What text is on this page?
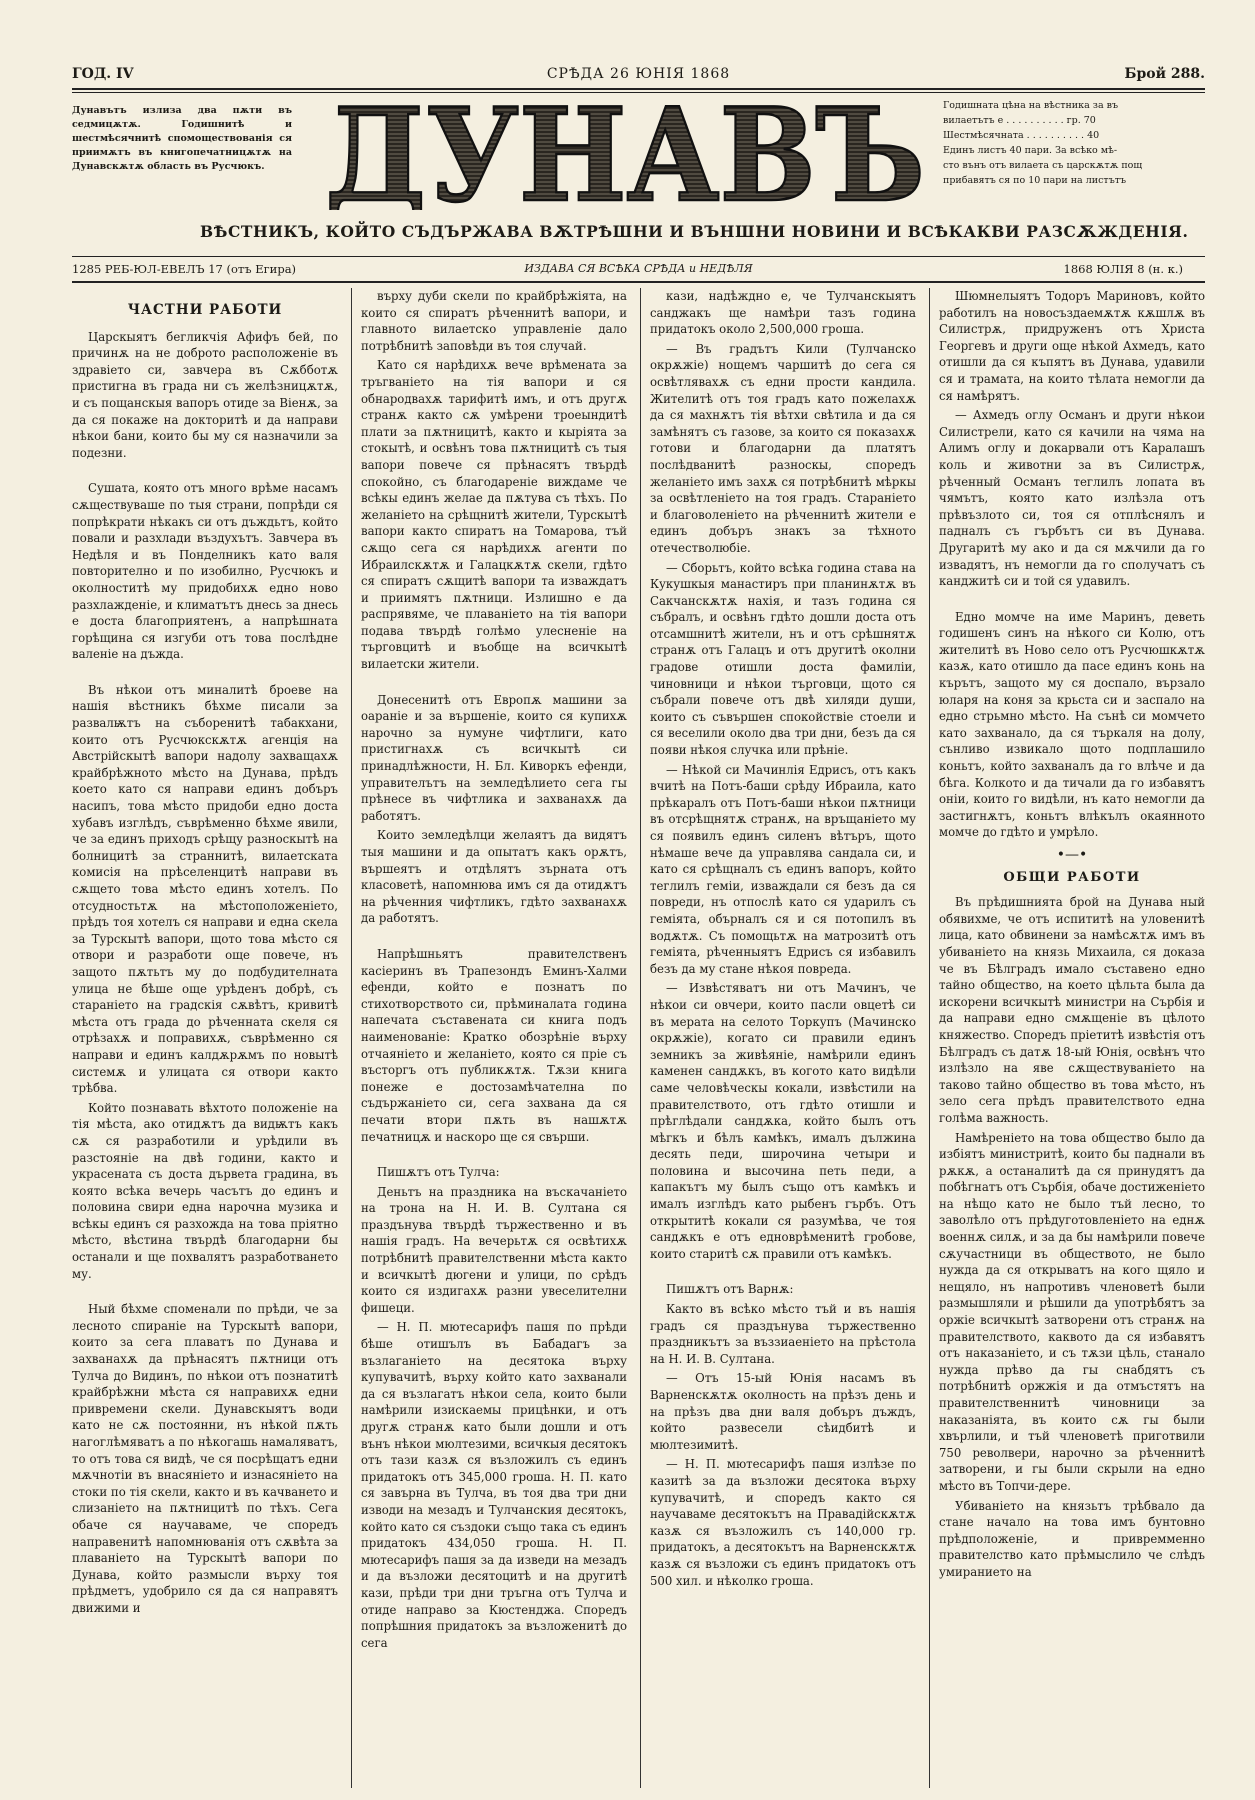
ГОД. IV	СРѢДА 26 ЮНІЯ 1868	Брой 288.
Дунавътъ излиза два пѫти въ седмицѫтѫ. Годишнитѣ и шестмѣсячнитѣ спомоществованія ся приимѫтъ въ книгопечатницѫтѫ на Дунавскѫтѫ область въ Русчюкъ.
Годишната цѣна на вѣстника за въ
вилаетътъ е . . . . . . . . . . гр. 70
Шестмѣсячната . . . . . . . . . . 40
Единъ листъ 40 пари. За всѣко мѣ-
сто вънъ отъ вилаета съ царскѫтѫ пощ
прибавятъ ся по 10 пари на листътъ
ДУНАВЪ
ВѢСТНИКЪ, КОЙТО СЪДЪРЖАВА ВѪТРѢШНИ И ВЪНШНИ НОВИНИ И ВСѢКАКВИ РАЗСѪЖДЕНІЯ.
1285 РЕБ-ЮЛ-ЕВЕЛЪ 17 (отъ Егира)	ИЗДАВА СЯ ВСѢКА СРѢДА и НЕДѢЛЯ	1868 ЮЛІЯ 8 (н. к.)
ЧАСТНИ РАБОТИ

Царскыятъ бегликчія Афифъ бей, по причинѫ на не доброто расположеніе въ здравіето си, завчера въ Сѫбботѫ пристигна въ града ни съ желѣзницѫтѫ, и съ пощанскыя вапоръ отиде за Віенѫ, за да ся покаже на докторитѣ и да направи нѣкои бани, които бы му ся назначили за подезни.

Сушата, която отъ много врѣме насамъ сѫществуваше по тыя страни, попрѣди ся попрѣкрати нѣкакъ си отъ дъждьтъ, който повали и разхлади въздухътъ. Завчера въ Недѣля и въ Понделникъ като валя повторително и по изобилно, Русчюкъ и околноститѣ му придобихѫ едно ново разхлажденіе, и климатътъ днесь за днесь е доста благоприятенъ, а напрѣшната горѣщина ся изгуби отъ това послѣдне валеніе на дъжда.

Въ нѣкои отъ миналитѣ броеве на нашія вѣстникъ бѣхме писали за развалѭтъ на съборенитѣ табакхани, които отъ Русчюкскѫтѫ агенція на Австрійскытѣ вапори надолу захващахѫ крайбрѣжното мѣсто на Дунава, прѣдъ което като ся направи единъ добъръ насипъ, това мѣсто придоби едно доста хубавъ изглѣдъ, съврѣменно бѣхме явили, че за единъ приходъ срѣщу разноскытѣ на болницитѣ за страннитѣ, вилаетската комисія на прѣселенцитѣ направи въ сѫщето това мѣсто единъ хотелъ. По отсудностьтѫ на мѣстоположеніето, прѣдъ тоя хотелъ ся направи и една скела за Турскытѣ вапори, щото това мѣсто ся отвори и разработи още повече, нъ защото пѫтьтъ му до подбудителната улица не бѣше още урѣденъ добрѣ, съ стараніето на градскія сѫвѣтъ, кривитѣ мѣста отъ града до рѣченната скеля ся отрѣзахѫ и поправихѫ, съврѣменно ся направи и единъ калдѫрѫмъ по новытѣ системѫ и улицата ся отвори както трѣбва.

Който познавать вѣхтото положеніе на тія мѣста, ако отидѫтъ да видѭтъ какъ сѫ ся разработили и урѣдили въ разстояніе на двѣ години, както и украсената съ доста дървета градина, въ която всѣка вечерь часътъ до единъ и половина свири една нарочна музика и всѣкы единъ ся разхожда на това пріятно мѣсто, вѣстина твърдѣ благодарни бы останали и ще похвалятъ разработването му.

Ный бѣхме споменали по прѣди, че за лесното спираніе на Турскытѣ вапори, които за сега плаватъ по Дунава и захванахѫ да прѣнасятъ пѫтници отъ Тулча до Видинъ, по нѣкои отъ познатитѣ крайбрѣжни мѣста ся направихѫ едни привремени скели. Дунавскыятъ води като не сѫ постоянни, нъ нѣкой пѫть нагоглѣмяватъ а по нѣкогашь намаляватъ, то отъ това ся видѣ, че ся посрѣщатъ едни мѫчнотіи въ внасяніето и изнасяніето на стоки по тія скели, както и въ качването и слизаніето на пѫтницитѣ по тѣхъ. Сега обаче ся научаваме, че споредъ направенитѣ напомнюванія отъ сѫвѣта за плаваніето на Турскытѣ вапори по Дунава, който размысли върху тоя прѣдметъ, удобрило ся да ся направятъ движими и

върху дуби скели по крайбрѣжіята, на които ся спиратъ рѣченнитѣ вапори, и главното вилаетско управленіе дало потрѣбнитѣ заповѣди въ тоя случай.

Като ся нарѣдихѫ вече врѣмената за тръгваніето на тія вапори и ся обнародвахѫ тарифитѣ имъ, и отъ другѫ странѫ както сѫ умѣрени троеындитѣ плати за пѫтницитѣ, както и кыріята за стокытѣ, и освѣнъ това пѫтницитѣ съ тыя вапори повече ся прѣнасятъ твърдѣ спокойно, съ благодареніе виждаме че всѣкы единъ желае да пѫтува съ тѣхъ. По желаніето на срѣщнитѣ жители, Турскытѣ вапори както спиратъ на Томарова, тъй сѫщо сега ся нарѣдихѫ агенти по Ибраилскѫтѫ и Галацкѫтѫ скели, гдѣто ся спиратъ сѫщитѣ вапори та изваждатъ и приимятъ пѫтници. Излишно е да распрявяме, че плаваніето на тія вапори подава твърдѣ голѣмо улесненіе на търговцитѣ и въобще на всичкытѣ вилаетски жители.

Донесенитѣ отъ Европѫ машини за оараніе и за вършеніе, които ся купихѫ нарочно за нумуне чифтлиги, като пристигнахѫ съ всичкытѣ си принадлѣжности, Н. Бл. Киворкъ ефенди, управителътъ на земледѣлието сега гы прѣнесе въ чифтлика и захванахѫ да работятъ.

Които земледѣлци желаятъ да видятъ тыя машини и да опытатъ какъ орѫтъ, вършеятъ и отдѣлятъ зърната отъ класоветѣ, напомнюва имъ ся да отидѫтъ на рѣченния чифтликъ, гдѣто захванахѫ да работятъ.

Напрѣшньятъ правителственъ касіеринъ въ Трапезондъ Еминъ-Халми ефенди, който е познатъ по стихотворството си, прѣминалата година напечата съставената си книга подъ наименованіе: Кратко обозрѣніе върху отчаяніето и желаніето, която ся пріе съ въсторгъ отъ публикѫтѫ. Тѫзи книга понеже е достозамѣчателна по съдържаніето си, сега захвана да ся печати втори пѫть въ нашѫтѫ печатницѫ и наскоро ще ся свърши.

Пишѫтъ отъ Тулча:

Деньтъ на праздника на въскачаніето на трона на Н. И. В. Султана ся праздънува твърдѣ тържественно и въ нашія градъ. На вечерьтѫ ся освѣтихѫ потрѣбнитѣ правителственни мѣста както и всичкытѣ дюгени и улици, по срѣдъ които ся издигахѫ разни увеселителни фишеци.

— Н. П. мютесарифъ пашя по прѣди бѣше отишълъ въ Бабадагъ за възлаганіето на десятока върху купувачитѣ, върху който като захванали да ся възлагатъ нѣкои села, които были намѣрили изискаемы прицѣнки, и отъ другѫ странѫ като были дошли и отъ вънъ нѣкои мюлтезими, всичкыя десятокъ отъ тази казѫ ся възложилъ съ единъ придатокъ отъ 345,000 гроша. Н. П. като ся завърна въ Тулча, въ тоя два три дни изводи на мезадъ и Тулчанския десятокъ, който като ся създоки също така съ единъ придатокъ 434,050 гроша. Н. П. мютесарифъ пашя за да изведи на мезадъ и да възложи десятоцитѣ и на другитѣ кази, прѣди три дни тръгна отъ Тулча и отиде направо за Кюстенджа. Споредъ попрѣшния придатокъ за възложенитѣ до сега

кази, надѣждно е, че Тулчанскыятъ санджакъ ще намѣри тазъ година придатокъ около 2,500,000 гроша.

— Въ градътъ Кили (Тулчанско окрѫжіе) нощемъ чаршитѣ до сега ся освѣтлявахѫ съ едни прости кандила. Жителитѣ отъ тоя градъ като пожелахѫ да ся махнѫтъ тія вѣтхи свѣтила и да ся замѣнятъ съ газове, за които ся показахѫ готови и благодарни да платятъ послѣдванитѣ разноскы, споредъ желаніето имъ захѫ ся потрѣбнитѣ мѣркы за освѣтленіето на тоя градъ. Стараніето и благоволеніето на рѣченнитѣ жители е единъ добъръ знакъ за тѣхното отечестволюбіе.

— Сборьтъ, който всѣка година става на Кукушкыя манастиръ при планинѫтѫ въ Сакчанскѫтѫ нахія, и тазъ година ся събралъ, и освѣнъ гдѣто дошли доста отъ отсамшнитѣ жители, нъ и отъ срѣшнятѫ странѫ отъ Галацъ и отъ другитѣ околни градове отишли доста фамиліи, чиновници и нѣкои търговци, щото ся събрали повече отъ двѣ хиляди души, които съ съвършен спокойствіе стоели и ся веселили около два три дни, безъ да ся появи нѣкоя случка или прѣніе.

— Нѣкой си Мачинлія Едрисъ, отъ какъ вчитѣ на Потъ-баши срѣду Ибраила, като прѣкаралъ отъ Потъ-баши нѣкои пѫтници въ отсрѣщнятѫ странѫ, на връщаніето му ся появилъ единъ силенъ вѣтъръ, щото нѣмаше вече да управлява сандала си, и като ся срѣщналъ съ единъ вапоръ, който теглилъ геміи, изваждали ся безъ да ся повреди, нъ отпослѣ като ся ударилъ съ геміята, обърналъ ся и ся потопилъ въ водѫтѫ. Съ помощьтѫ на матрозитѣ отъ геміята, рѣченныятъ Едрисъ ся избавилъ безъ да му стане нѣкоя повреда.

— Извѣстяватъ ни отъ Мачинъ, че нѣкои си овчери, които пасли овцетѣ си въ мерата на селото Торкупъ (Мачинско окрѫжіе), когато си правили единъ земникъ за живѣяніе, намѣрили единъ каменен сандѫкъ, въ когото като видѣли саме человѣческы кокали, извѣстили на правителството, отъ гдѣто отишли и прѣглѣдали сандѫка, който былъ отъ мѣгкъ и бѣлъ камѣкъ, ималъ дължина десять педи, широчина четыри и половина и высочина петь педи, а капакътъ му былъ също отъ камѣкъ и ималъ изглѣдъ като рыбенъ гърбъ. Отъ открытитѣ кокали ся разумѣва, че тоя сандѫкъ е отъ едноврѣменитѣ гробове, които старитѣ сѫ правили отъ камѣкъ.

Пишѫтъ отъ Варнѫ:

Както въ всѣко мѣсто тъй и въ нашія градъ ся праздънува тържественно праздникътъ за въззиаеніето на прѣстола на Н. И. В. Султана.

— Отъ 15-ый Юнія насамъ въ Варненскѫтѫ околность на прѣзъ день и на прѣзъ два дни валя добъръ дъждъ, който развесели сѣидбитѣ и мюлтезимитѣ.

— Н. П. мютесарифъ пашя излѣзе по казитѣ за да възложи десятока върху купувачитѣ, и споредъ както ся научаваме десятокътъ на Правадійскѫтѫ казѫ ся възложилъ съ 140,000 гр. придатокъ, а десятокътъ на Варненскѫтѫ казѫ ся възложи съ единъ придатокъ отъ 500 хил. и нѣколко гроша.

Шюмнелыятъ Тодоръ Мариновъ, който работилъ на новосъздаемѫтѫ кѫшлѫ въ Силистрѫ, придруженъ отъ Христа Георгевъ и други още нѣкой Ахмедъ, като отишли да ся къпятъ въ Дунава, удавили ся и трамата, на които тѣлата немогли да ся намѣрятъ.

— Ахмедъ оглу Османъ и други нѣкои Силистрели, като ся качили на чяма на Алимъ оглу и докарвали отъ Каралашъ коль и животни за въ Силистрѫ, рѣченный Османъ теглилъ лопата въ чямътъ, която като излѣзла отъ прѣвъзлото си, тоя ся отплѣснялъ и падналъ съ гърбътъ си въ Дунава. Другаритѣ му ако и да ся мѫчили да го извадятъ, нъ немогли да го сполучатъ съ канджитѣ си и той ся удавилъ.

Едно момче на име Маринъ, деветь годишенъ синъ на нѣкого си Колю, отъ жителитѣ въ Ново село отъ Русчюшкѫтѫ казѫ, като отишло да пасе единъ конь на кърътъ, защото му ся доспало, вързало юларя на коня за крьста си и заспало на едно стрьмно мѣсто. На сънѣ си момчето като захванало, да ся търкаля на долу, сънливо извикало щото подплашило коньтъ, който захваналъ да го влѣче и да бѣга. Колкото и да тичали да го избавятъ оніи, които го видѣли, нъ като немогли да застигнѫтъ, коньтъ влѣкълъ окаянното момче до гдѣто и умрѣло.

•—•
ОБЩИ РАБОТИ

Въ прѣдишнията брой на Дунава ный обявихме, че отъ испититѣ на уловенитѣ лица, като обвинени за намѣсѫтѫ имъ въ убиваніето на князь Михаила, ся доказа че въ Бѣлградъ имало съставено едно тайно общество, на което цѣльта была да искорени всичкытѣ министри на Сърбія и да направи едно смѫщеніе въ цѣлото княжество. Споредъ пріетитѣ извѣстія отъ Бѣлградъ съ датѫ 18-ый Юнія, освѣнъ что излѣзло на яве сѫществуваніето на таково тайно общество въ това мѣсто, нъ зело сега прѣдъ правителството една голѣма важность.

Намѣреніето на това общество было да избіятъ министритѣ, които бы паднали въ рѫкѫ, а останалитѣ да ся принудятъ да побѣгнатъ отъ Сърбія, обаче достиженіето на нѣщо като не было тъй лесно, то заволѣло отъ прѣдуготовленіето на еднѫ военнѫ силѫ, и за да бы намѣрили повече сѫучастници въ обществото, не было нужда да ся открыватъ на кого щяло и нещяло, нъ напротивъ членоветѣ были размышляли и рѣшили да употрѣбятъ за оржіе всичкытѣ затворени отъ странѫ на правителството, каквото да ся избавятъ отъ наказаніето, и съ тѫзи цѣль, станало нужда прѣво да гы снабдятъ съ потрѣбнитѣ оржжія и да отмъстятъ на правителственнитѣ чиновници за наказаніята, въ които сѫ гы были хвърлили, и тъй членоветѣ приготвили 750 револвери, нарочно за рѣченнитѣ затворени, и гы были скрыли на едно мѣсто въ Топчи-дере.

Убиваніето на князьтъ трѣбвало да стане начало на това имъ бунтовно прѣдположеніе, и привремменно правителство като прѣмыслило че слѣдъ умиранието на
